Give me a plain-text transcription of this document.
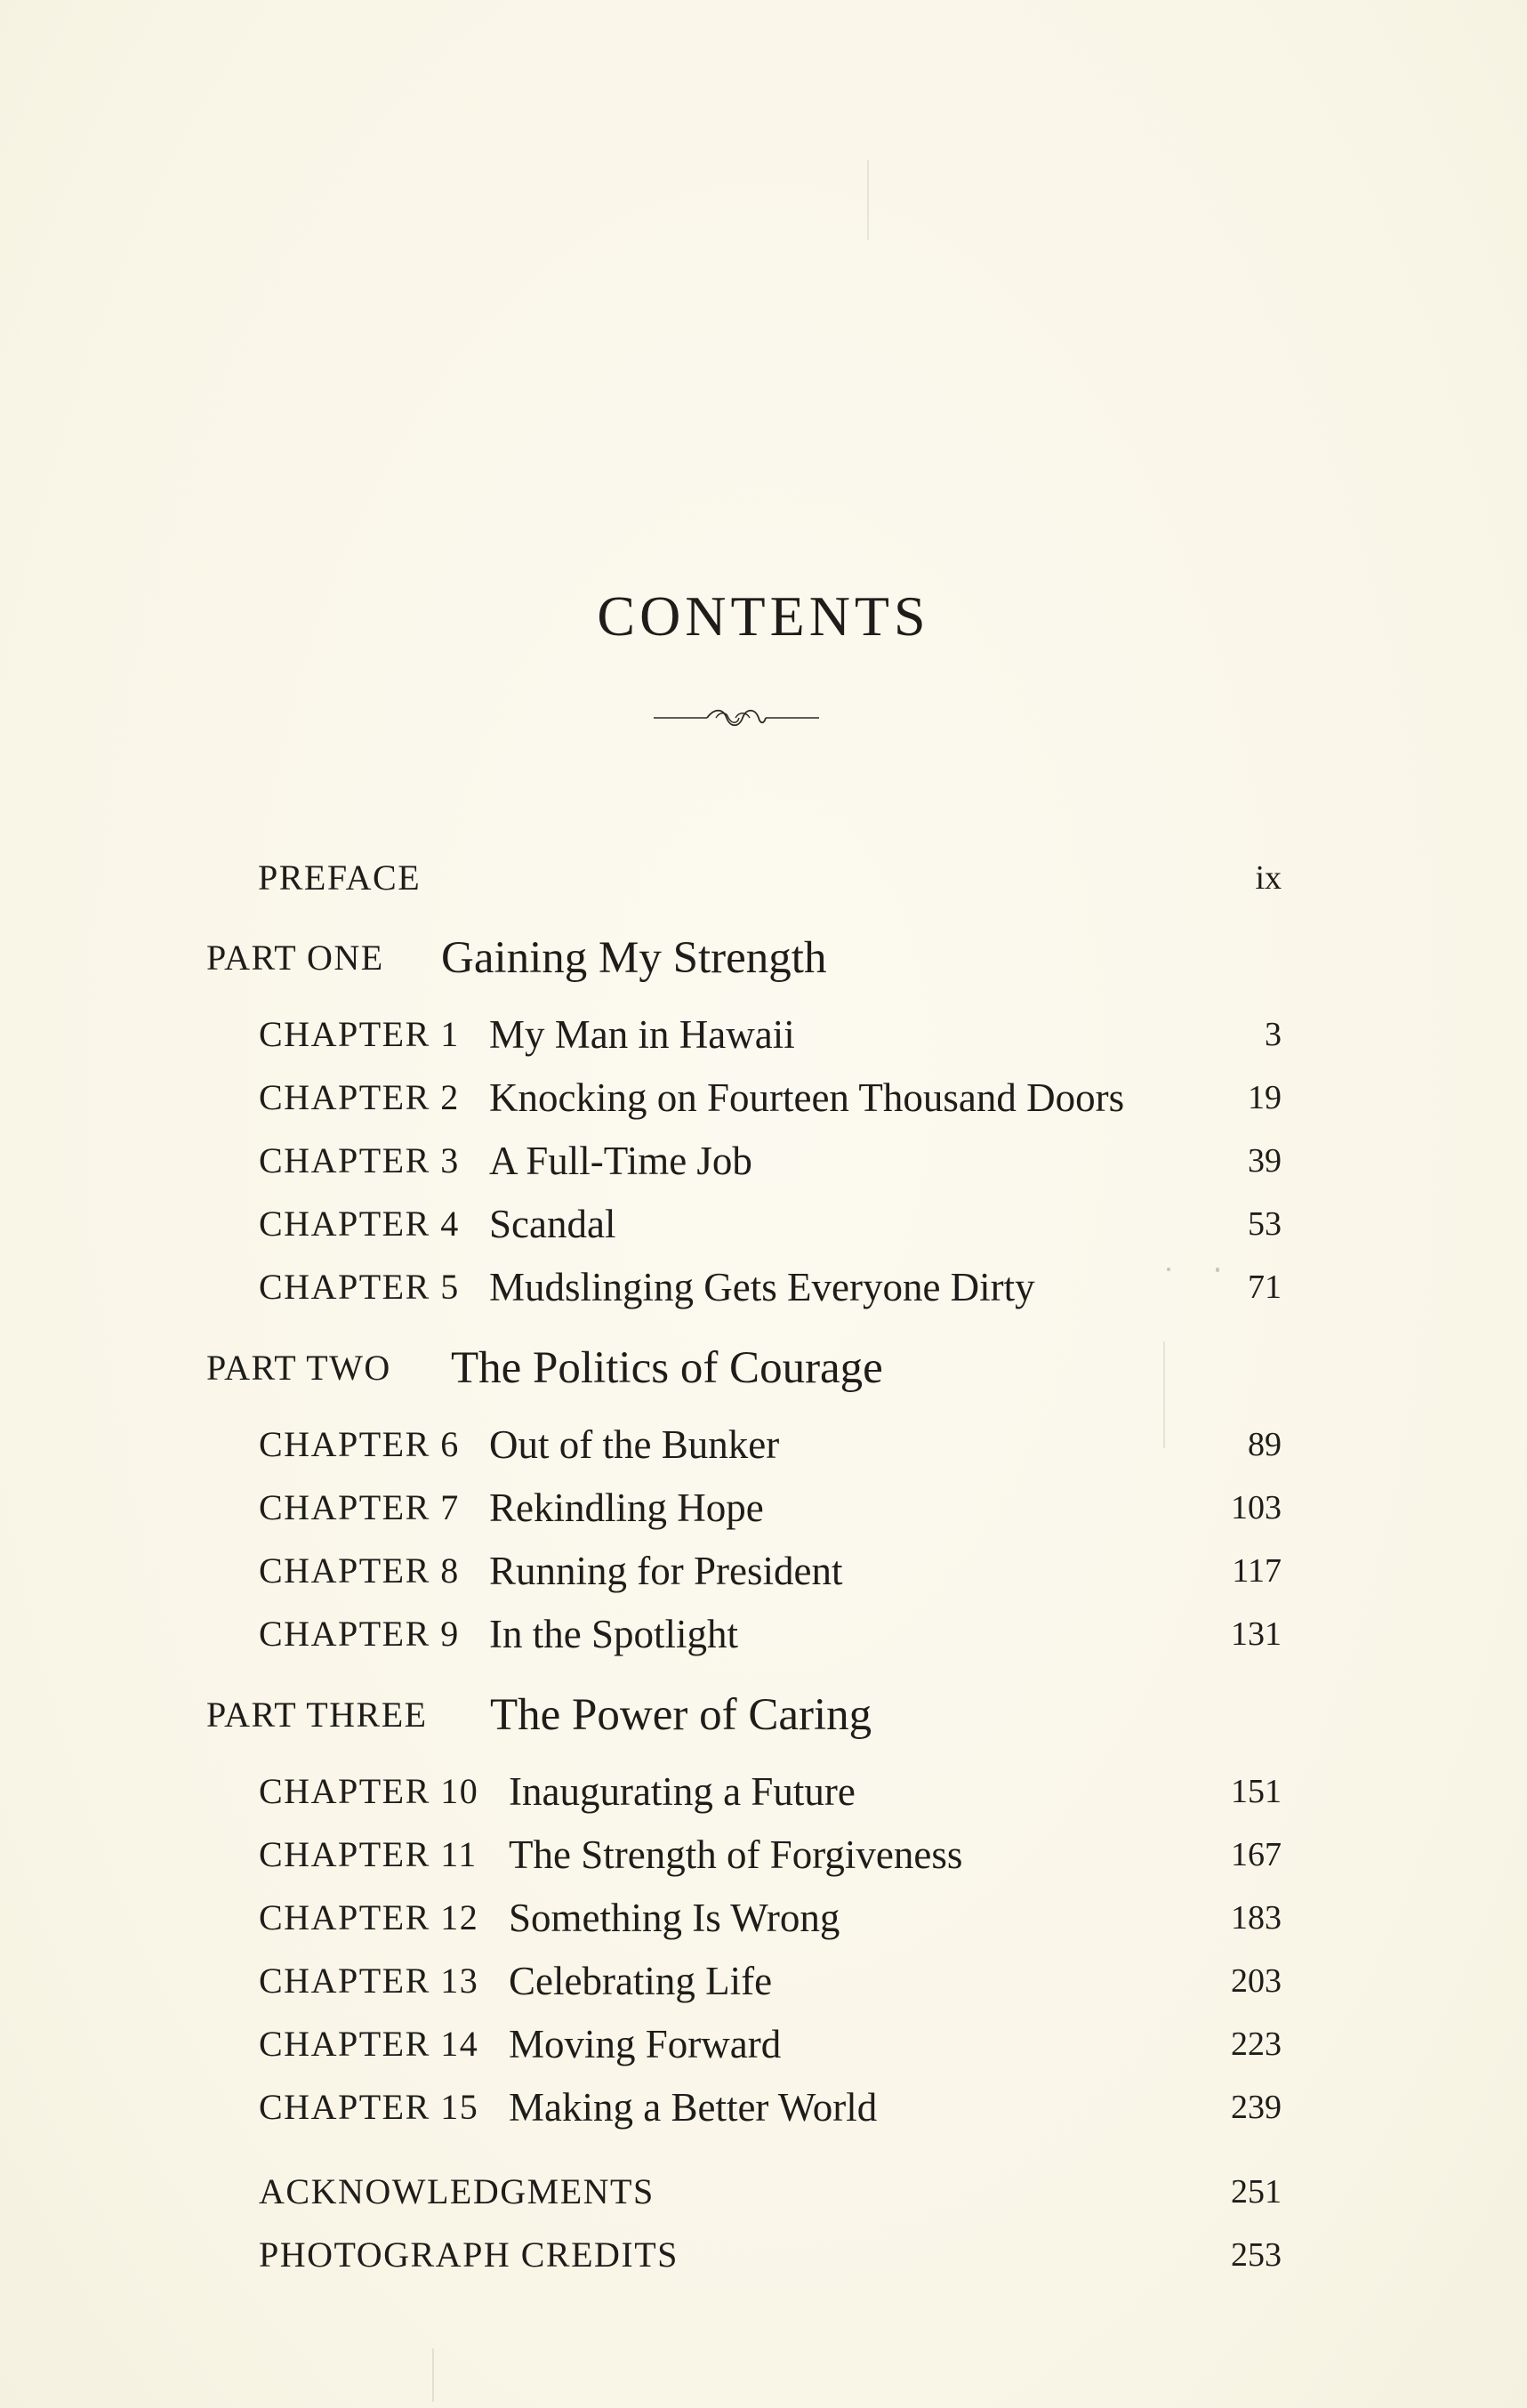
CONTENTS
PREFACE	ix
PART ONE Gaining My Strength
CHAPTER 1 My Man in Hawaii	3
CHAPTER 2 Knocking on Fourteen Thousand Doors	19
CHAPTER 3 A Full-Time Job	39
CHAPTER 4 Scandal	53
CHAPTER 5 Mudslinging Gets Everyone Dirty	71
PART TWO The Politics of Courage
CHAPTER 6 Out of the Bunker	89
CHAPTER 7 Rekindling Hope	103
CHAPTER 8 Running for President	117
CHAPTER 9 In the Spotlight	131
PART THREE The Power of Caring
CHAPTER 10 Inaugurating a Future	151
CHAPTER 11 The Strength of Forgiveness	167
CHAPTER 12 Something Is Wrong	183
CHAPTER 13 Celebrating Life	203
CHAPTER 14 Moving Forward	223
CHAPTER 15 Making a Better World	239
ACKNOWLEDGMENTS	251
PHOTOGRAPH CREDITS	253
